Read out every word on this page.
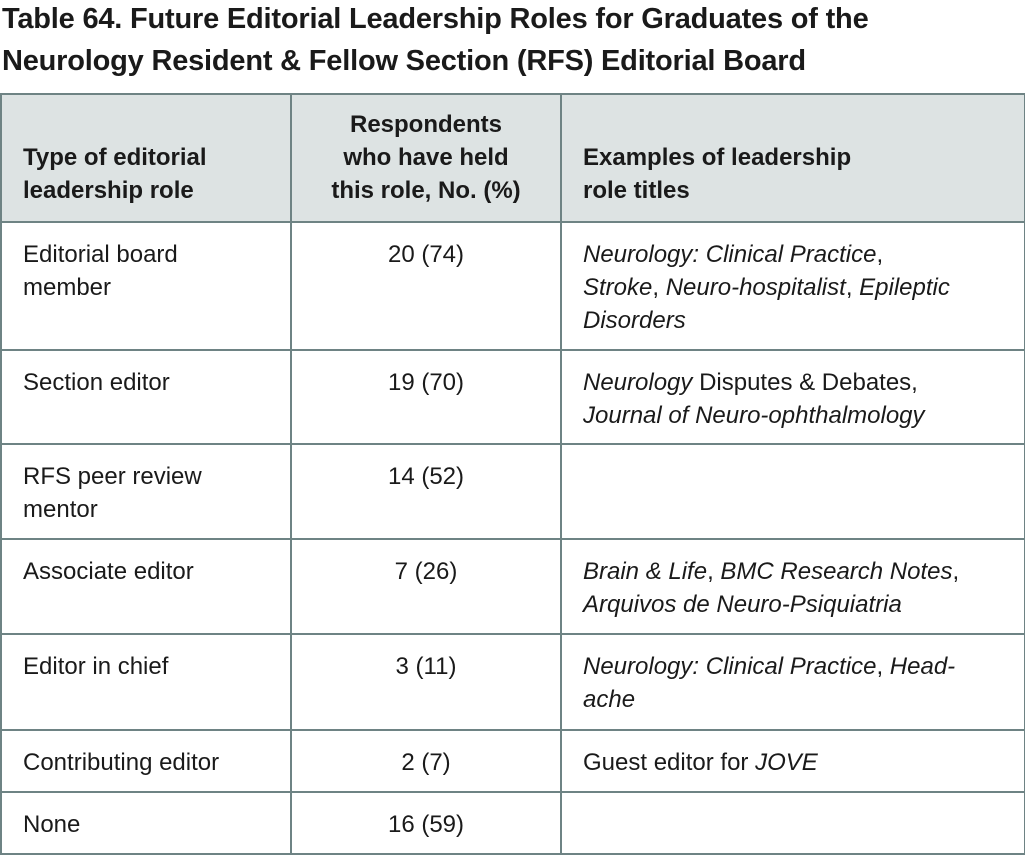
Table 64. Future Editorial Leadership Roles for Graduates of the
Neurology Resident & Fellow Section (RFS) Editorial Board
Type of editorial
leadership role	Respondents
who have held
this role, No. (%)	Examples of leadership
role titles

Editorial board
member	20 (74)	Neurology: Clinical Practice,
Stroke, Neuro-hospitalist, Epileptic
Disorders

Section editor	19 (70)	Neurology Disputes & Debates,
Journal of Neuro-ophthalmology

RFS peer review
mentor	14 (52)	

Associate editor	7 (26)	Brain & Life, BMC Research Notes,
Arquivos de Neuro-Psiquiatria

Editor in chief	3 (11)	Neurology: Clinical Practice, Head-
ache

Contributing editor	2 (7)	Guest editor for JOVE

None	16 (59)	
